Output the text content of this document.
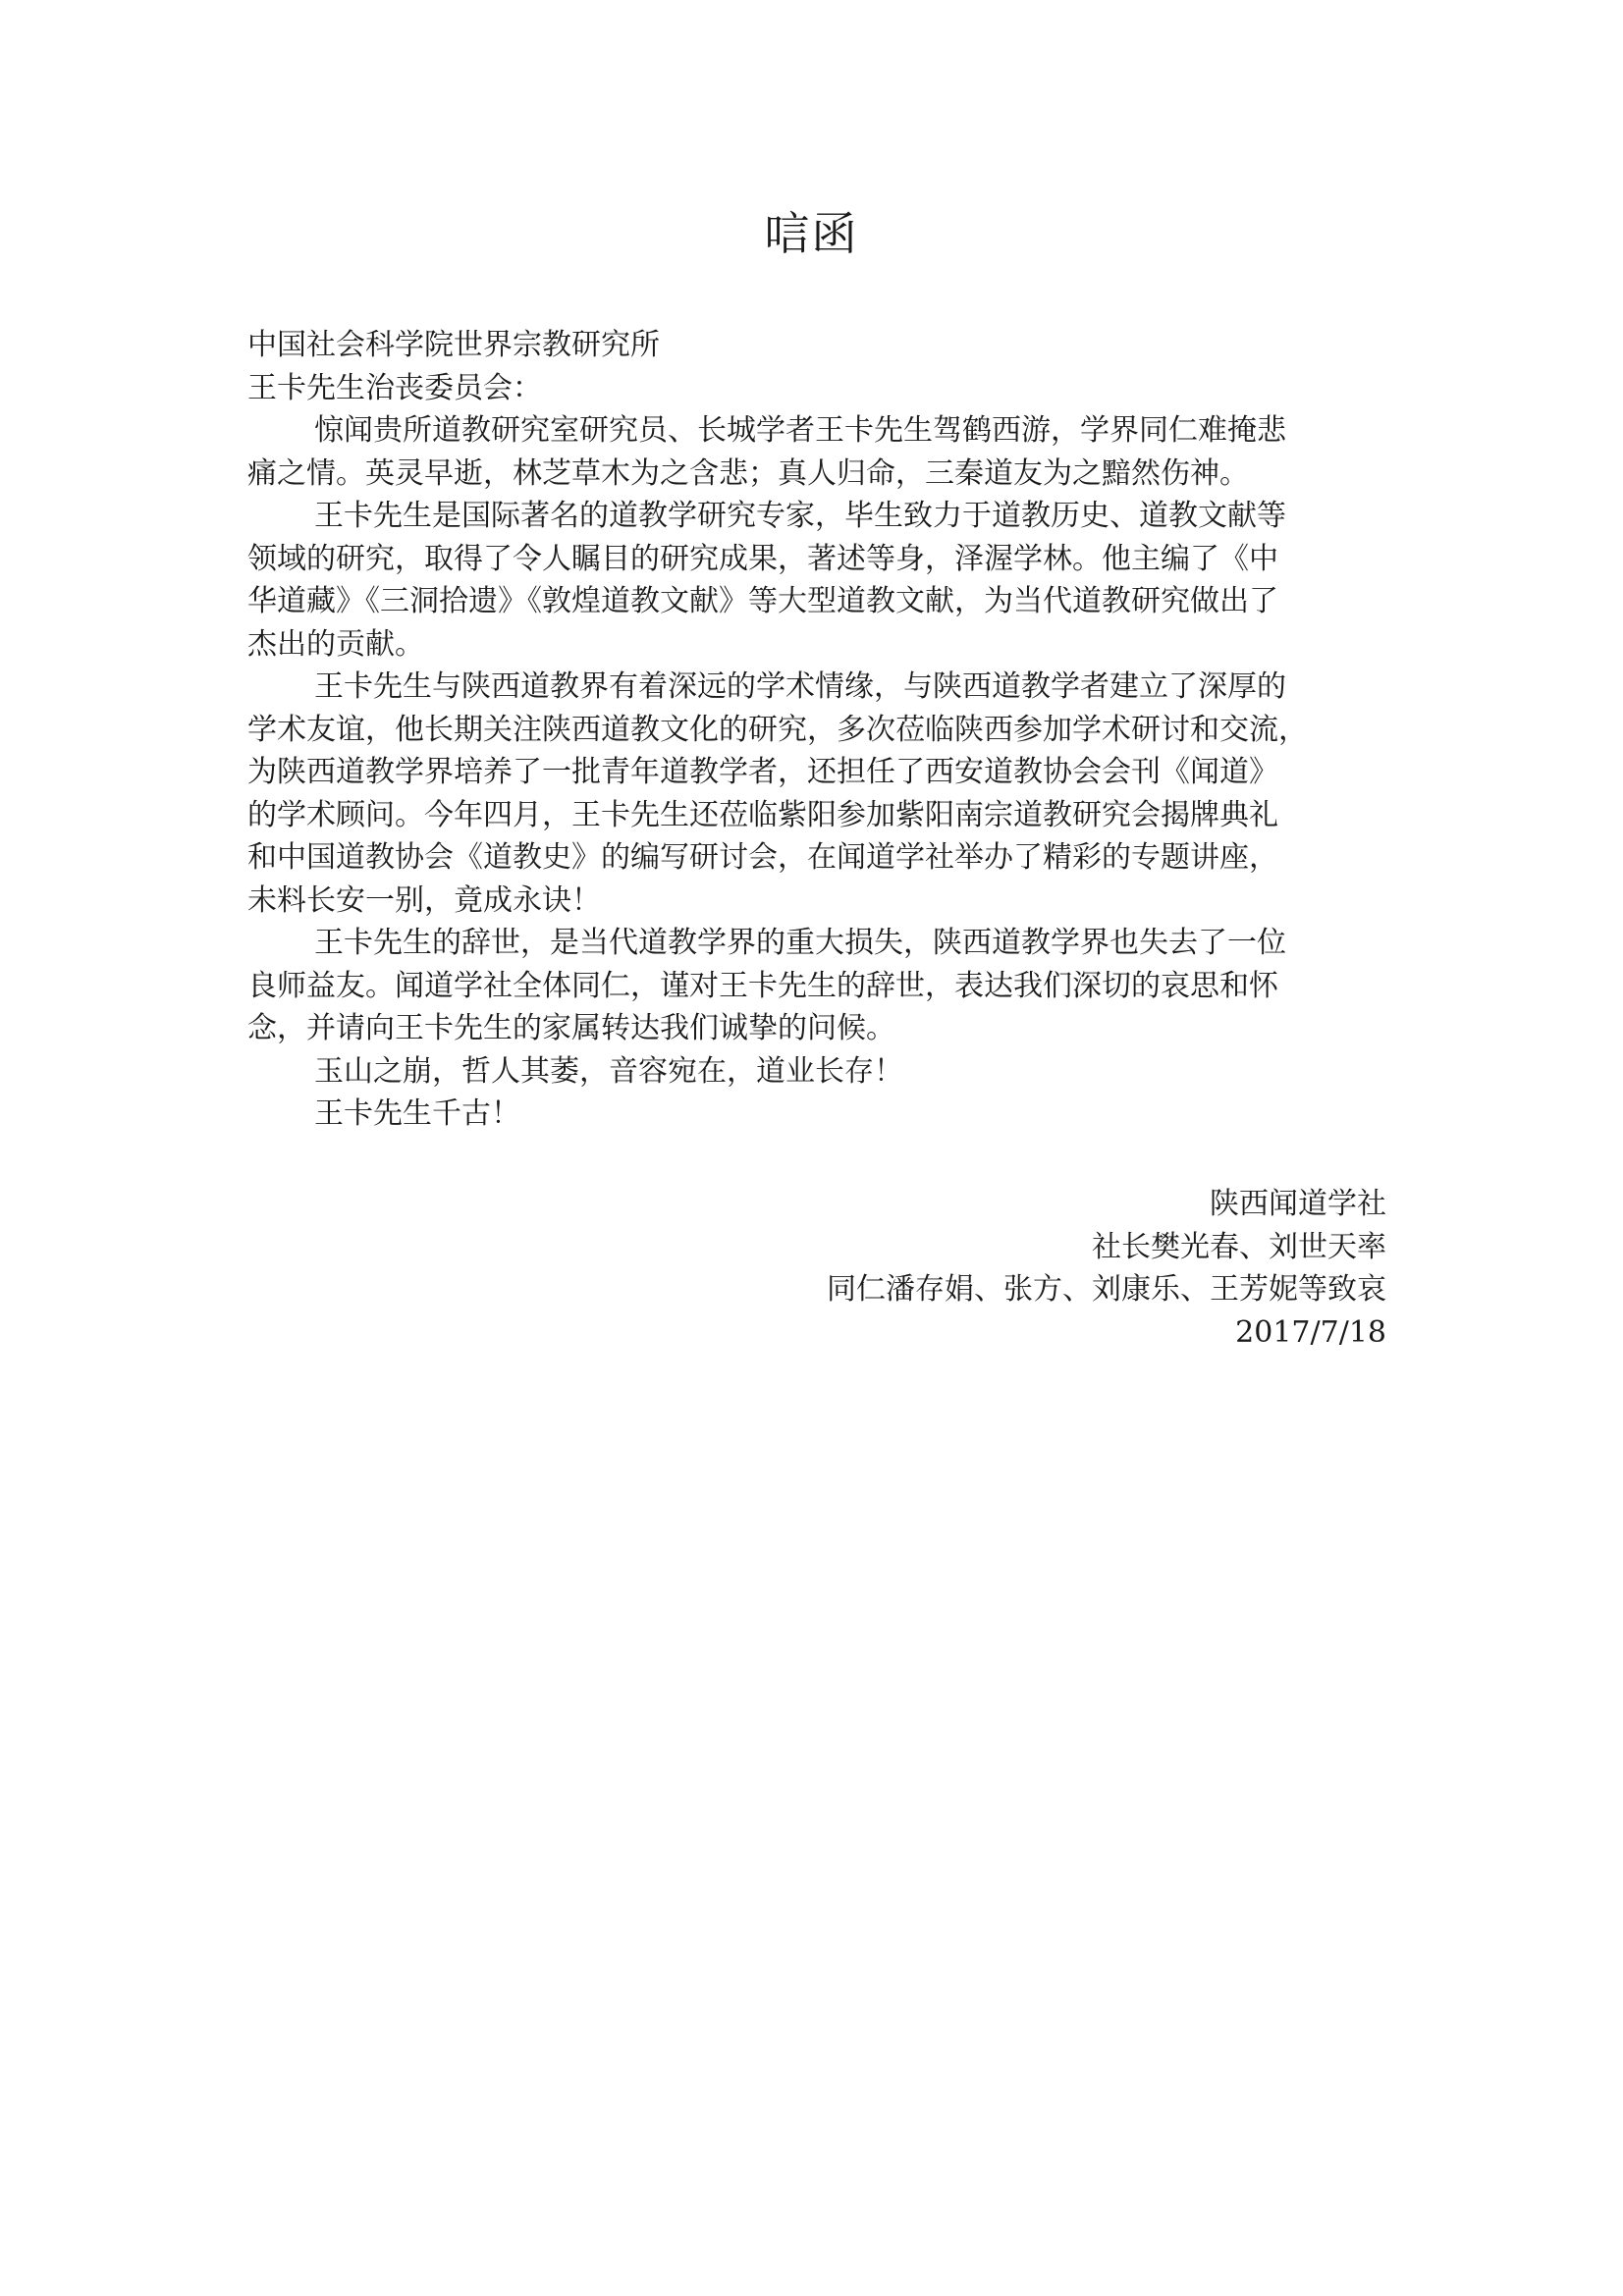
唁函
中国社会科学院世界宗教研究所
王卡先生治丧委员会：
惊闻贵所道教研究室研究员、长城学者王卡先生驾鹤西游，学界同仁难掩悲
痛之情。英灵早逝，林芝草木为之含悲；真人归命，三秦道友为之黯然伤神。
王卡先生是国际著名的道教学研究专家，毕生致力于道教历史、道教文献等
领域的研究，取得了令人瞩目的研究成果，著述等身，泽渥学林。他主编了《中
华道藏》《三洞拾遗》《敦煌道教文献》等大型道教文献，为当代道教研究做出了
杰出的贡献。
王卡先生与陕西道教界有着深远的学术情缘，与陕西道教学者建立了深厚的
学术友谊，他长期关注陕西道教文化的研究，多次莅临陕西参加学术研讨和交流，
为陕西道教学界培养了一批青年道教学者，还担任了西安道教协会会刊《闻道》
的学术顾问。今年四月，王卡先生还莅临紫阳参加紫阳南宗道教研究会揭牌典礼
和中国道教协会《道教史》的编写研讨会，在闻道学社举办了精彩的专题讲座，
未料长安一别，竟成永诀！
王卡先生的辞世，是当代道教学界的重大损失，陕西道教学界也失去了一位
良师益友。闻道学社全体同仁，谨对王卡先生的辞世，表达我们深切的哀思和怀
念，并请向王卡先生的家属转达我们诚挚的问候。
玉山之崩，哲人其萎，音容宛在，道业长存！
王卡先生千古！
陕西闻道学社
社长樊光春、刘世天率
同仁潘存娟、张方、刘康乐、王芳妮等致哀
2017/7/18
